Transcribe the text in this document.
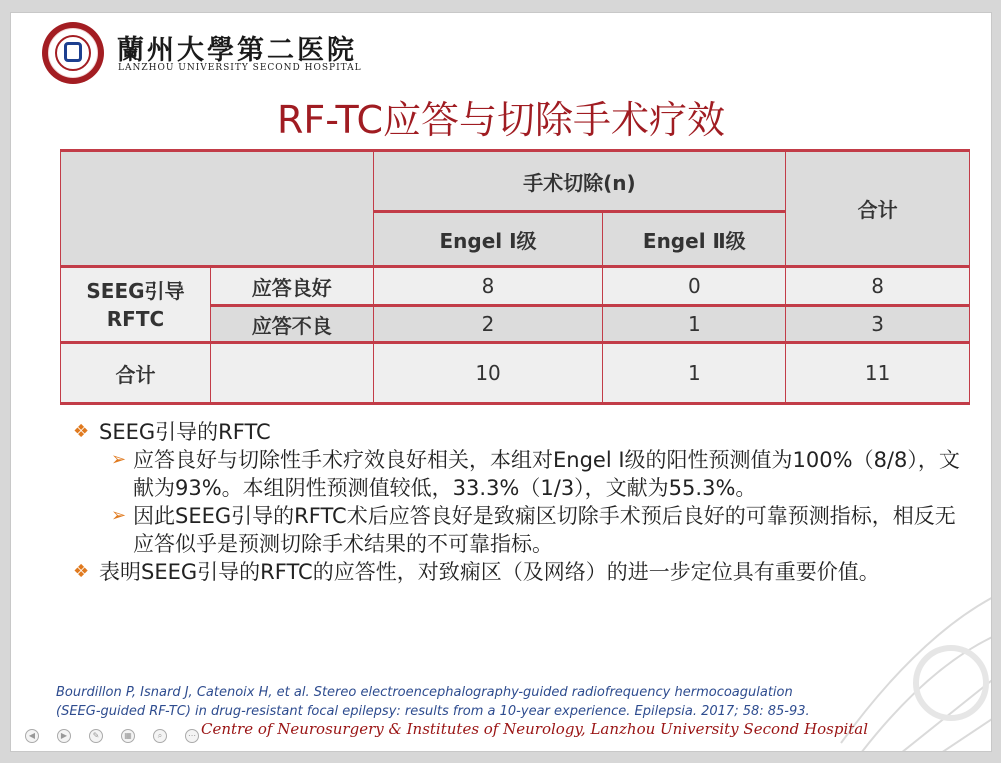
蘭州大學第二医院
LANZHOU UNIVERSITY SECOND HOSPITAL
RF-TC应答与切除手术疗效
		手术切除(n)		合计
		Engel Ⅰ级	Engel Ⅱ级	
SEEG引导RFTC	应答良好	8	0	8
	应答不良	2	1	3
合计		10	1	11
❖ SEEG引导的RFTC
➢ 应答良好与切除性手术疗效良好相关，本组对Engel Ⅰ级的阳性预测值为100%（8/8），文献为93%。本组阴性预测值较低，33.3%（1/3），文献为55.3%。
➢ 因此SEEG引导的RFTC术后应答良好是致痫区切除手术预后良好的可靠预测指标，相反无应答似乎是预测切除手术结果的不可靠指标。
❖ 表明SEEG引导的RFTC的应答性，对致痫区（及网络）的进一步定位具有重要价值。
Bourdillon P, Isnard J, Catenoix H, et al. Stereo electroencephalography-guided radiofrequency hermocoagulation
(SEEG-guided RF-TC) in drug-resistant focal epilepsy: results from a 10-year experience. Epilepsia. 2017; 58: 85-93.
Centre of Neurosurgery & Institutes of Neurology, Lanzhou University Second Hospital
◀	▶	✎	▦	⌕	⋯
